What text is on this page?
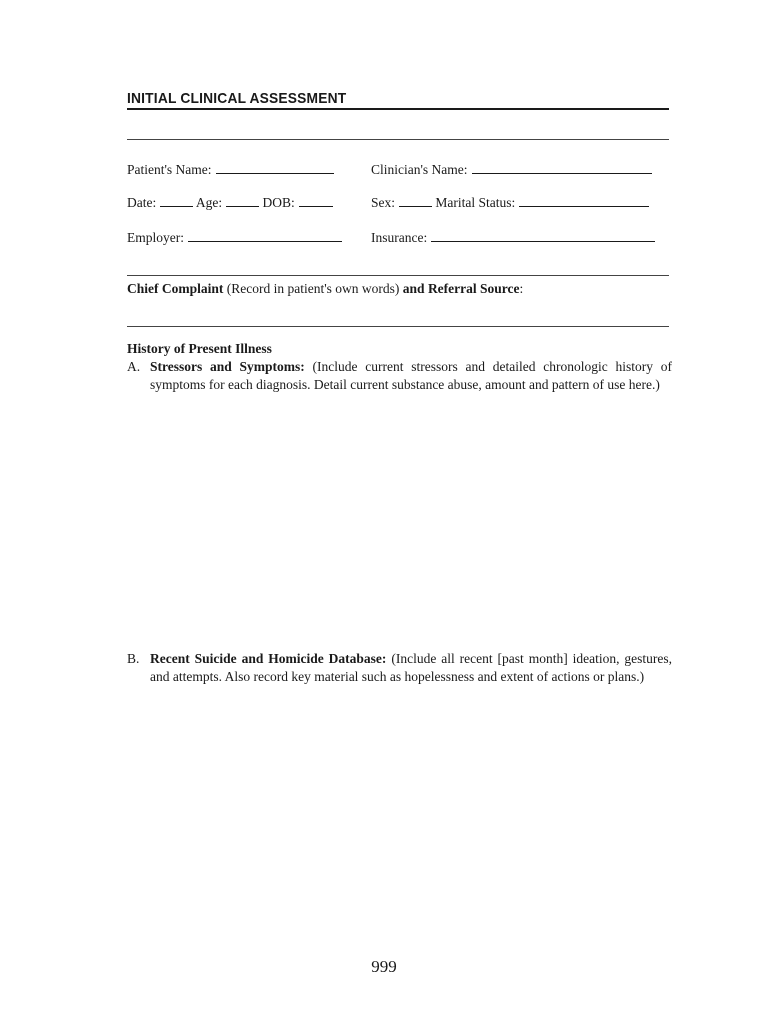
INITIAL CLINICAL ASSESSMENT
Patient's Name:	Clinician's Name:
Date:	Age:	DOB:	Sex:	Marital Status:
Employer:	Insurance:
Chief Complaint (Record in patient's own words) and Referral Source:
History of Present Illness
A. Stressors and Symptoms: (Include current stressors and detailed chronologic history of symptoms for each diagnosis. Detail current substance abuse, amount and pattern of use here.)
B. Recent Suicide and Homicide Database: (Include all recent [past month] ideation, gestures, and attempts. Also record key material such as hopelessness and extent of actions or plans.)
999
